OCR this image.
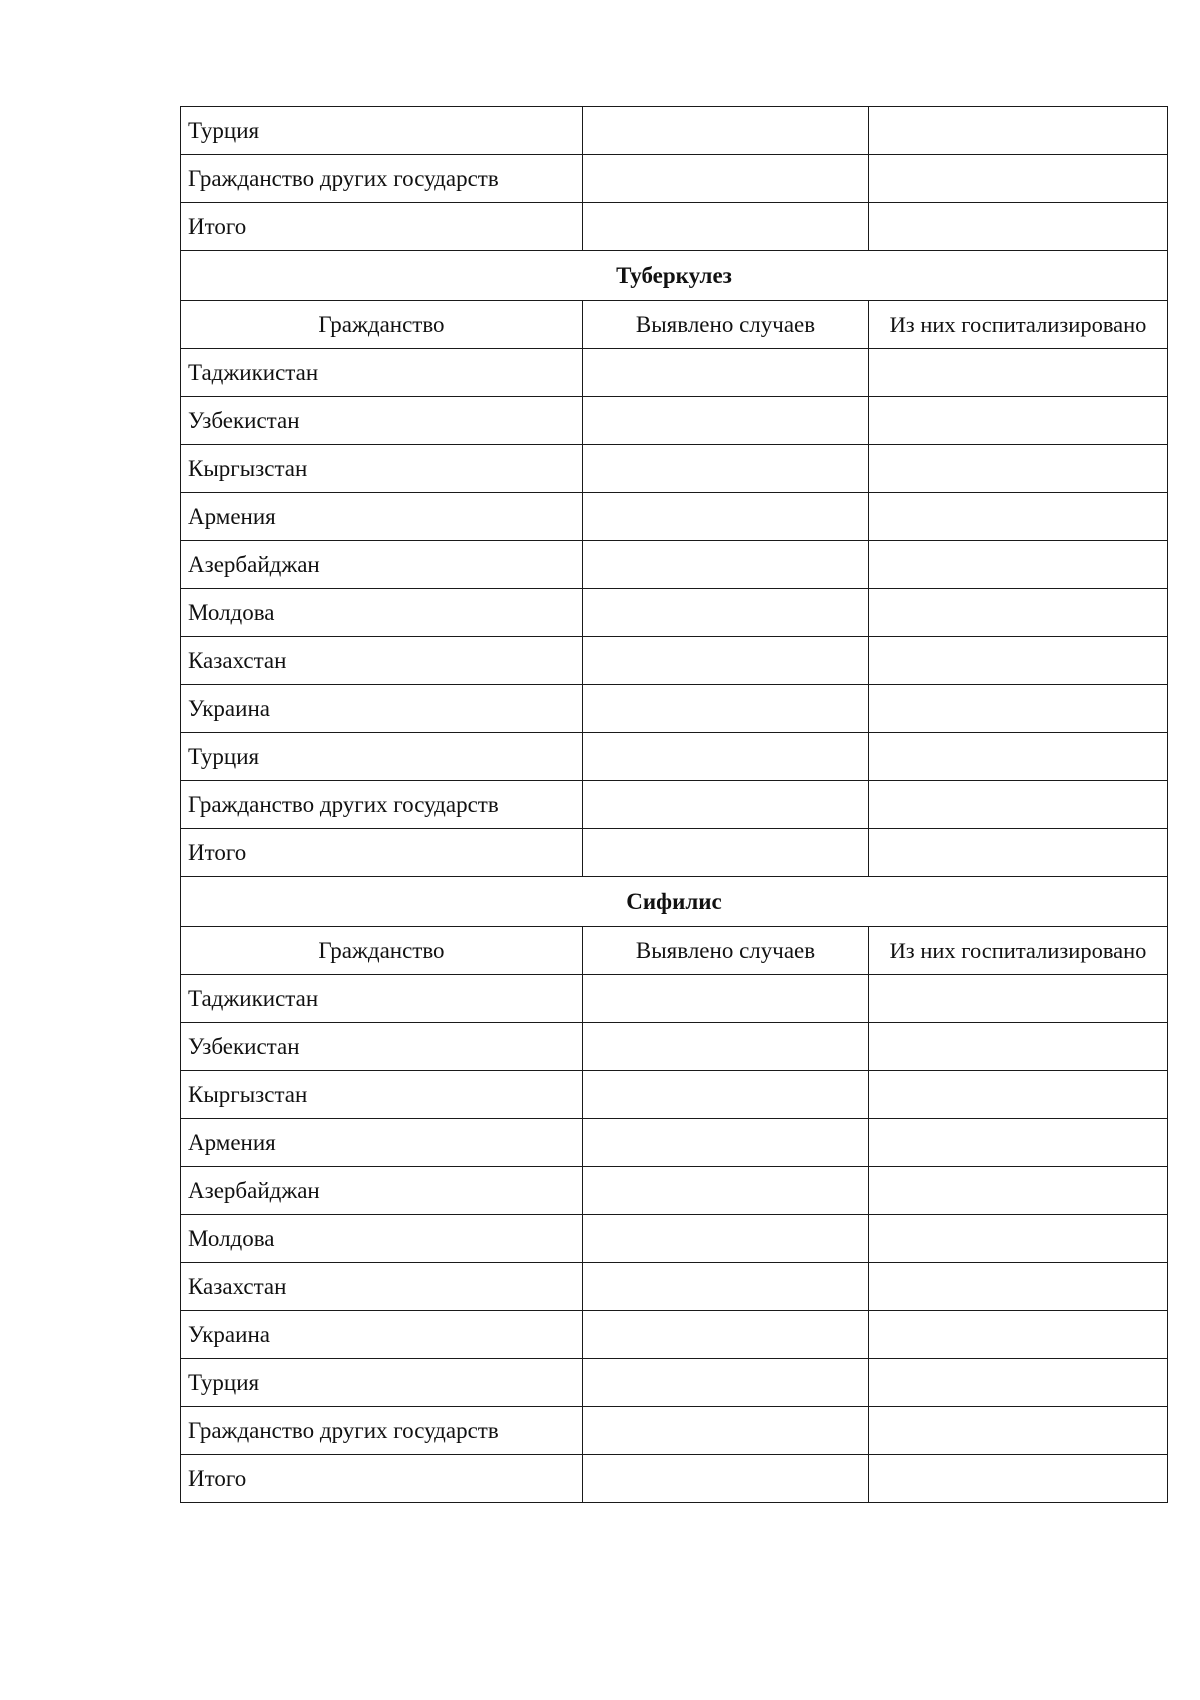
Турция		
Гражданство других государств		
Итого		
Туберкулез		
Гражданство	Выявлено случаев	Из них госпитализировано
Таджикистан		
Узбекистан		
Кыргызстан		
Армения		
Азербайджан		
Молдова		
Казахстан		
Украина		
Турция		
Гражданство других государств		
Итого		
Сифилис		
Гражданство	Выявлено случаев	Из них госпитализировано
Таджикистан		
Узбекистан		
Кыргызстан		
Армения		
Азербайджан		
Молдова		
Казахстан		
Украина		
Турция		
Гражданство других государств		
Итого		
